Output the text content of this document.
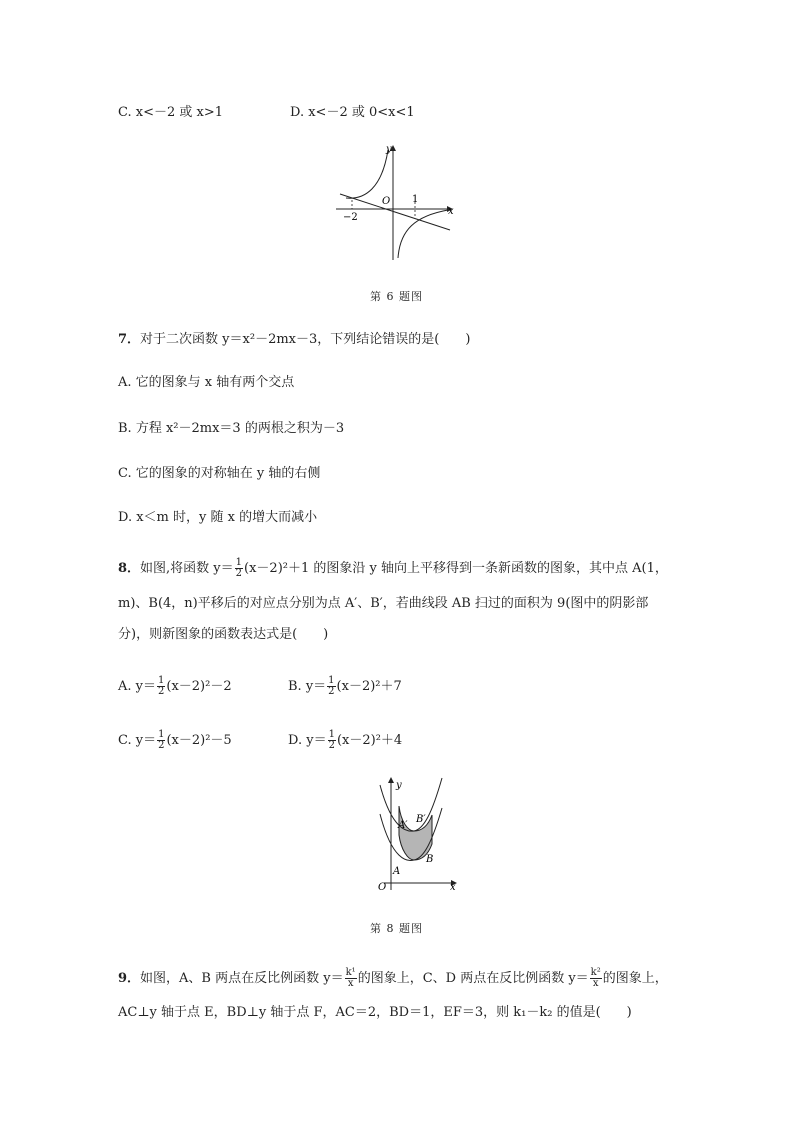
C. x<－2 或 x>1	D. x<－2 或 0<x<1
y
x
O
−2
1
第 6 题图
7．对于二次函数 y＝x²－2mx－3，下列结论错误的是(　　)
A. 它的图象与 x 轴有两个交点
B. 方程 x²－2mx＝3 的两根之积为－3
C. 它的图象的对称轴在 y 轴的右侧
D. x＜m 时，y 随 x 的增大而减小
8．如图,将函数 $y= \frac{1}{2} (x-2)^2+1$ 的图象沿 y 轴向上平移得到一条新函数的图象，其中点 A(1，
m)、B(4，n)平移后的对应点分别为点 A′、B′，若曲线段 AB 扫过的面积为 9(图中的阴影部
分)，则新图象的函数表达式是(　　)
A. $y= \frac{1}{2} (x-2)^2-2$	B. $y= \frac{1}{2} (x-2)^2+7$
C. $y= \frac{1}{2} (x-2)^2-5$	D. $y= \frac{1}{2} (x-2)^2+4$
y
x
O
A
B
A′
B′
第 8 题图
9．如图，A、B 两点在反比例函数 $y= \frac{\text{k¹}}{x}$ 的图象上，C、D 两点在反比例函数 $y= \frac{\text{k²}}{x}$ 的图象上，
AC⊥y 轴于点 E，BD⊥y 轴于点 F，AC＝2，BD＝1，EF＝3，则 k₁－k₂ 的值是(　　)
